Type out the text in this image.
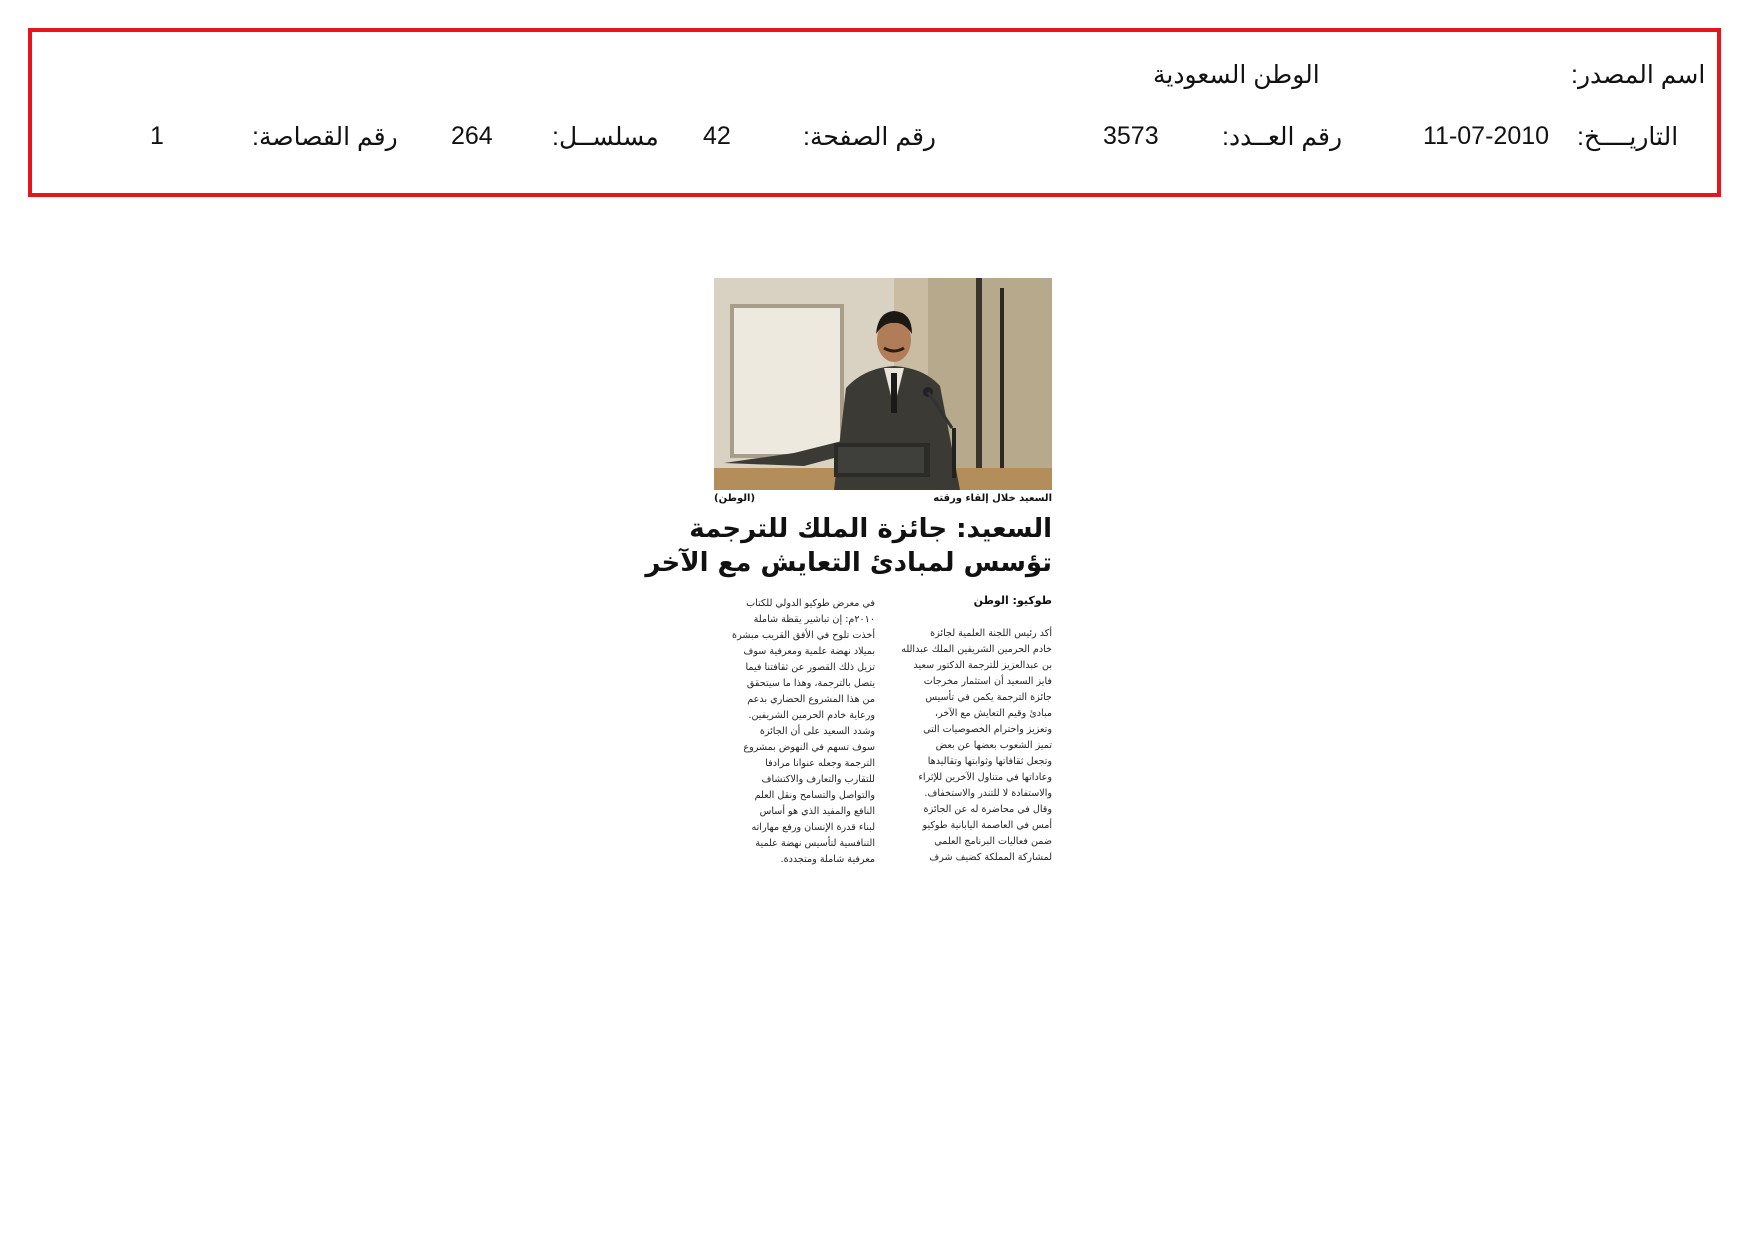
اسم المصدر:
الوطن السعودية
التاريــــخ:
11-07-2010
رقم العــدد:
3573
رقم الصفحة:
42
مسلســل:
264
رقم القصاصة:
1
(الوطن)	السعيد خلال إلقاء ورقته
السعيد: جائزة الملك للترجمة
تؤسس لمبادئ التعايش مع الآخر
طوكيو: الوطن
أكد رئيس اللجنة العلمية لجائزة
خادم الحرمين الشريفين الملك عبدالله
بن عبدالعزيز للترجمة الدكتور سعيد
فايز السعيد أن استثمار مخرجات
جائزة الترجمة يكمن في تأسيس
مبادئ وقيم التعايش مع الآخر،
وتعزيز واحترام الخصوصيات التي
تميز الشعوب بعضها عن بعض
وتجعل ثقافاتها وثوابتها وتقاليدها
وعاداتها في متناول الآخرين للإثراء
والاستفادة لا للتندر والاستخفاف.
وقال في محاضرة له عن الجائزة
أمس في العاصمة اليابانية طوكيو
ضمن فعاليات البرنامج العلمي
لمشاركة المملكة كضيف شرف
في معرض طوكيو الدولي للكتاب
٢٠١٠م: إن تباشير يقظة شاملة
أخذت تلوح في الأفق القريب مبشرة
بميلاد نهضة علمية ومعرفية سوف
تزيل ذلك القصور عن ثقافتنا فيما
يتصل بالترجمة، وهذا ما سيتحقق
من هذا المشروع الحضاري بدعم
ورعاية خادم الحرمين الشريفين.
وشدد السعيد على أن الجائزة
سوف تسهم في النهوض بمشروع
الترجمة وجعله عنوانا مرادفا
للتقارب والتعارف والاكتشاف
والتواصل والتسامح ونقل العلم
النافع والمفيد الذي هو أساس
لبناء قدرة الإنسان ورفع مهاراته
التنافسية لتأسيس نهضة علمية
معرفية شاملة ومتجددة.
